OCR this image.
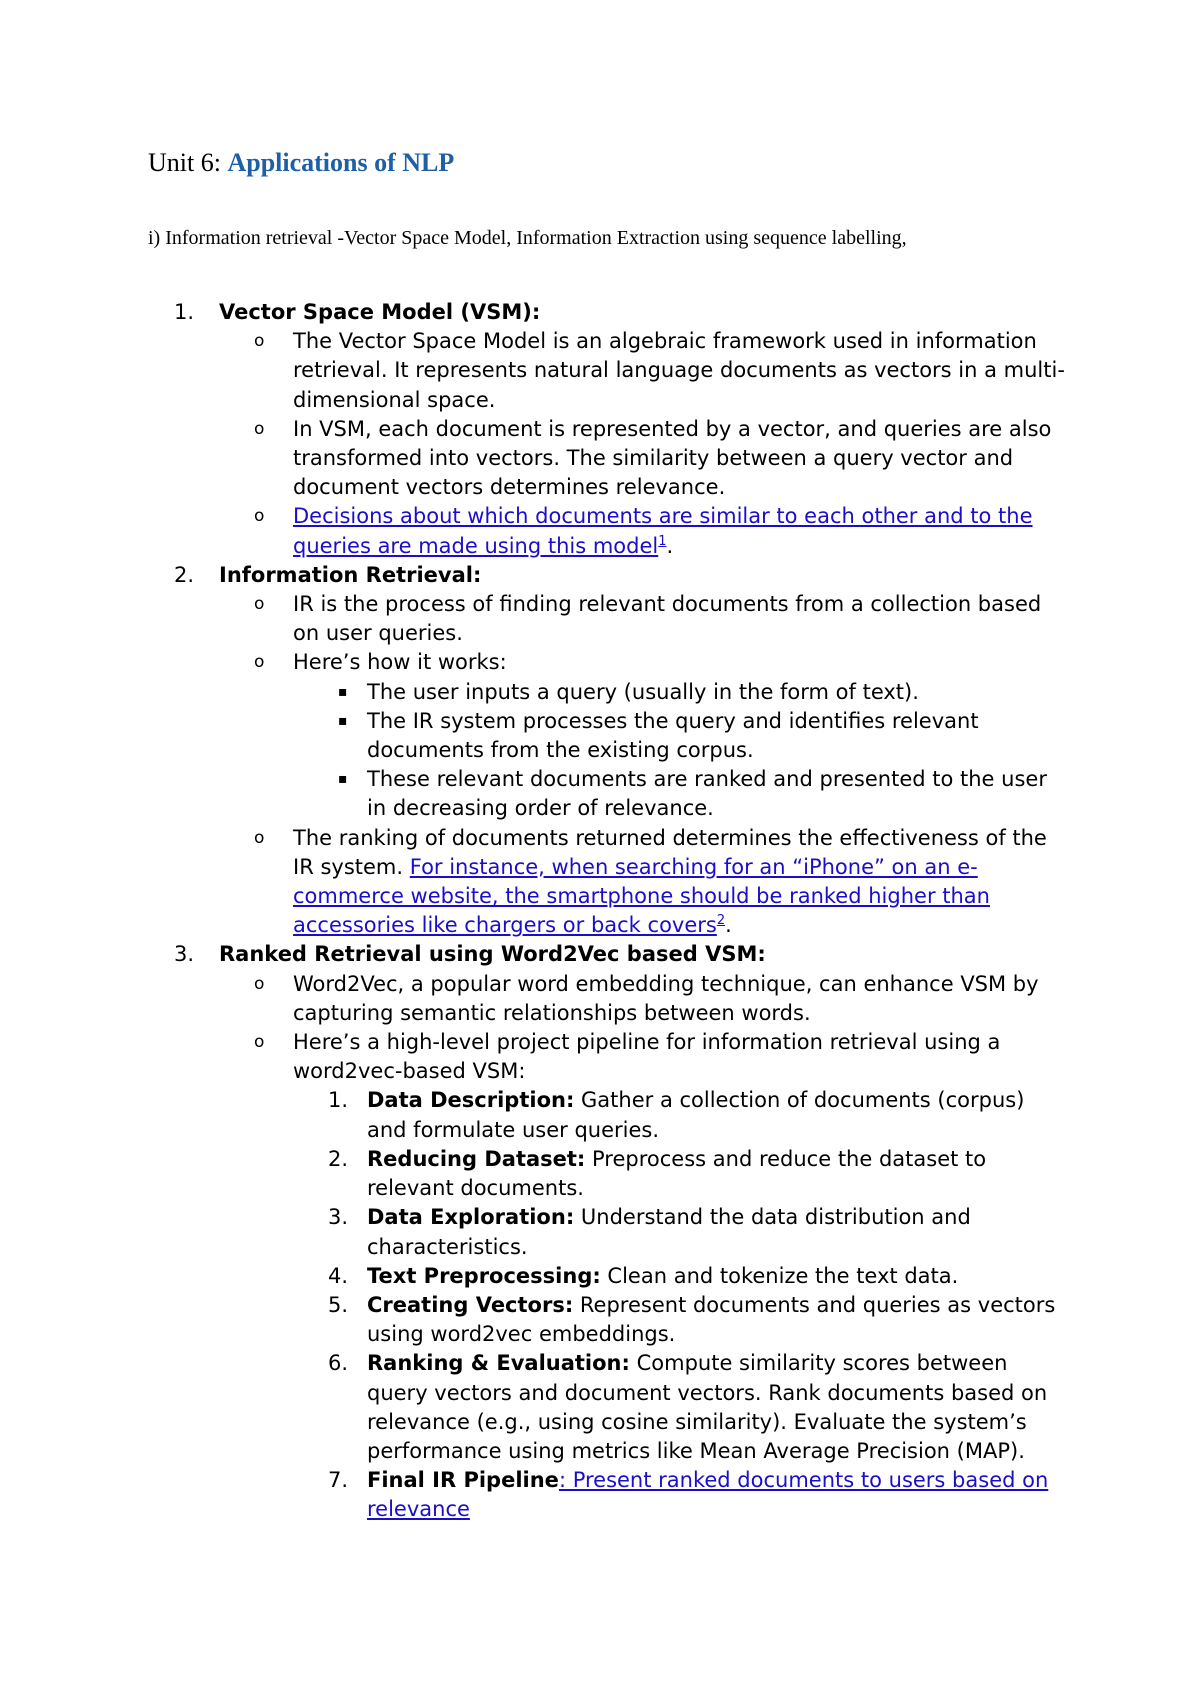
Unit 6: Applications of NLP
i) Information retrieval -Vector Space Model, Information Extraction using sequence labelling,
1. Vector Space Model (VSM):
o The Vector Space Model is an algebraic framework used in information retrieval. It represents natural language documents as vectors in a multi-dimensional space.
o In VSM, each document is represented by a vector, and queries are also transformed into vectors. The similarity between a query vector and document vectors determines relevance.
o Decisions about which documents are similar to each other and to the queries are made using this model$^1$.
2. Information Retrieval:
o IR is the process of finding relevant documents from a collection based on user queries.
o Here’s how it works:
▪ The user inputs a query (usually in the form of text).
▪ The IR system processes the query and identifies relevant documents from the existing corpus.
▪ These relevant documents are ranked and presented to the user in decreasing order of relevance.
o The ranking of documents returned determines the effectiveness of the IR system. For instance, when searching for an “iPhone” on an e-commerce website, the smartphone should be ranked higher than accessories like chargers or back covers$^2$.
3. Ranked Retrieval using Word2Vec based VSM:
o Word2Vec, a popular word embedding technique, can enhance VSM by capturing semantic relationships between words.
o Here’s a high-level project pipeline for information retrieval using a word2vec-based VSM:
1. Data Description: Gather a collection of documents (corpus) and formulate user queries.
2. Reducing Dataset: Preprocess and reduce the dataset to relevant documents.
3. Data Exploration: Understand the data distribution and characteristics.
4. Text Preprocessing: Clean and tokenize the text data.
5. Creating Vectors: Represent documents and queries as vectors using word2vec embeddings.
6. Ranking & Evaluation: Compute similarity scores between query vectors and document vectors. Rank documents based on relevance (e.g., using cosine similarity). Evaluate the system’s performance using metrics like Mean Average Precision (MAP).
7. Final IR Pipeline: Present ranked documents to users based on relevance
